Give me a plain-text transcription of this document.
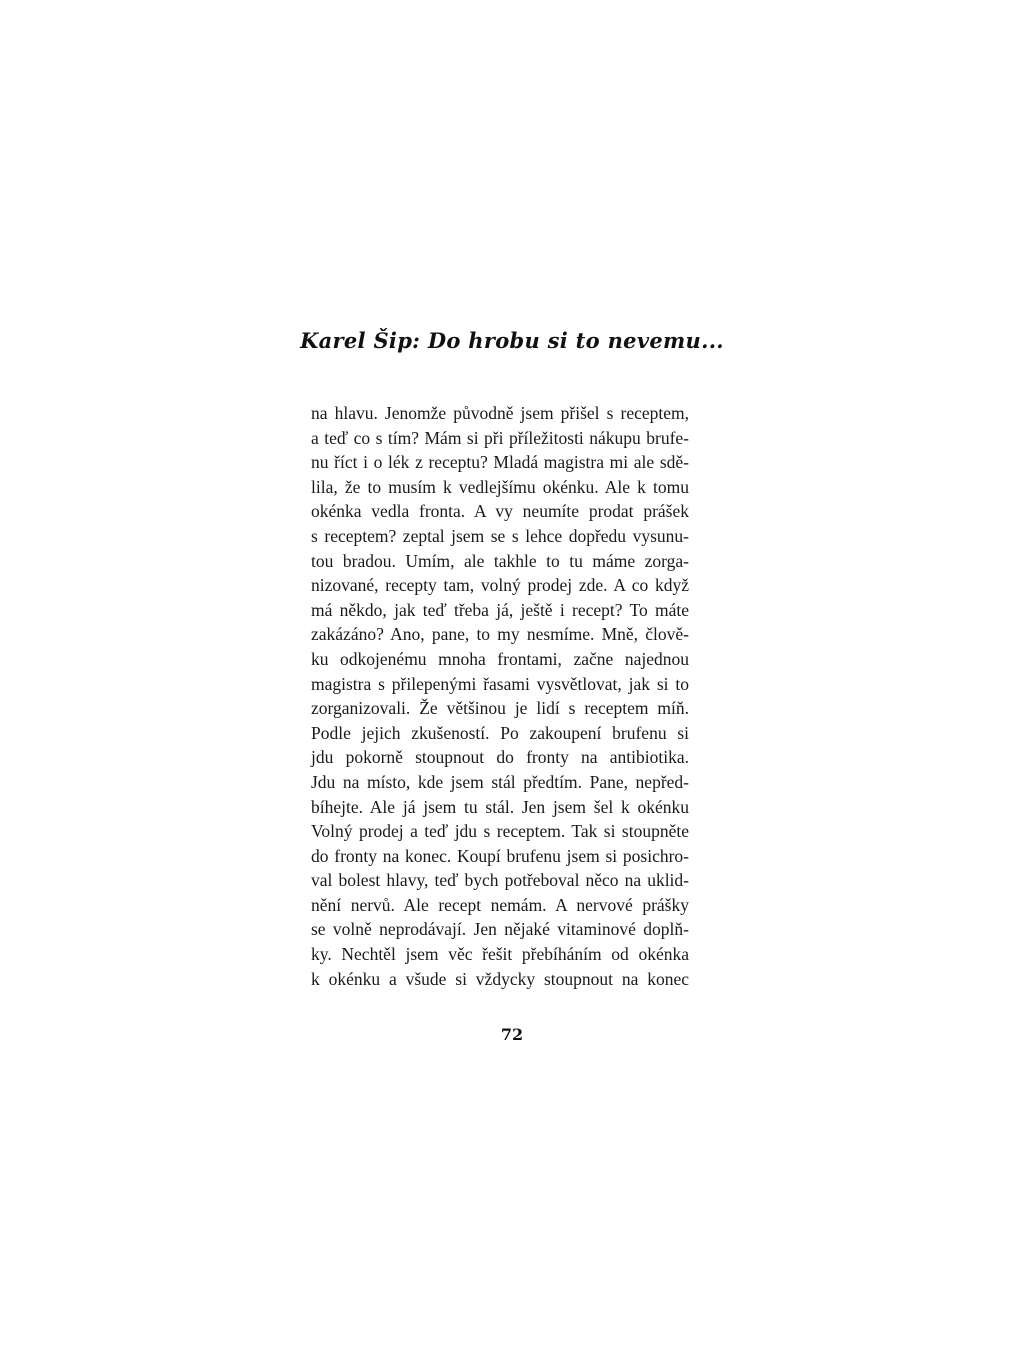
Karel Šip: Do hrobu si to nevemu...
na hlavu. Jenomže původně jsem přišel s receptem,
a teď co s tím? Mám si při příležitosti nákupu brufe-
nu říct i o lék z receptu? Mladá magistra mi ale sdě-
lila, že to musím k vedlejšímu okénku. Ale k tomu
okénka vedla fronta. A vy neumíte prodat prášek
s receptem? zeptal jsem se s lehce dopředu vysunu-
tou bradou. Umím, ale takhle to tu máme zorga-
nizované, recepty tam, volný prodej zde. A co když
má někdo, jak teď třeba já, ještě i recept? To máte
zakázáno? Ano, pane, to my nesmíme. Mně, člově-
ku odkojenému mnoha frontami, začne najednou
magistra s přilepenými řasami vysvětlovat, jak si to
zorganizovali. Že většinou je lidí s receptem míň.
Podle jejich zkušeností. Po zakoupení brufenu si
jdu pokorně stoupnout do fronty na antibiotika.
Jdu na místo, kde jsem stál předtím. Pane, nepřed-
bíhejte. Ale já jsem tu stál. Jen jsem šel k okénku
Volný prodej a teď jdu s receptem. Tak si stoupněte
do fronty na konec. Koupí brufenu jsem si posichro-
val bolest hlavy, teď bych potřeboval něco na uklid-
nění nervů. Ale recept nemám. A nervové prášky
se volně neprodávají. Jen nějaké vitaminové doplň-
ky. Nechtěl jsem věc řešit přebíháním od okénka
k okénku a všude si vždycky stoupnout na konec
72
